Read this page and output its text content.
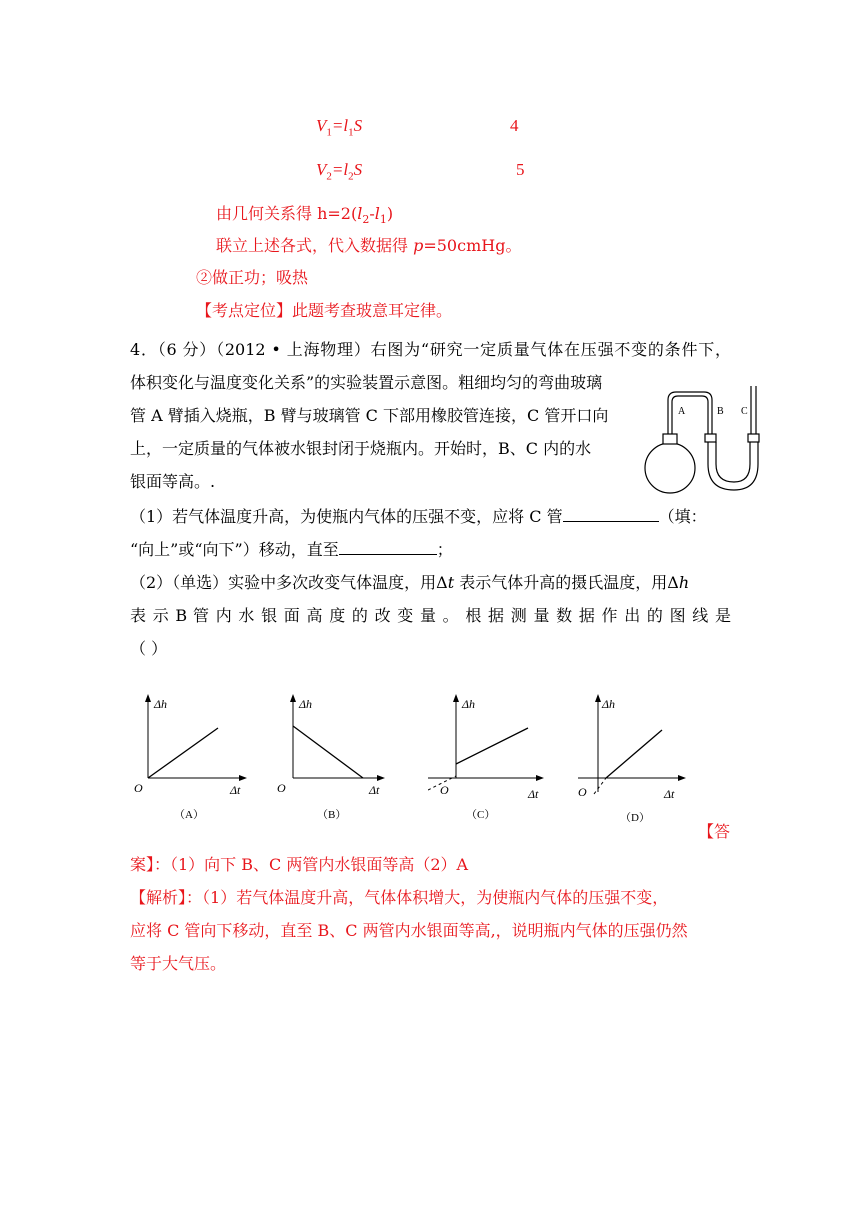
$V_1=l_1S$	4
$V_2=l_2S$	5
由几何关系得 $h=2(l_2-l_1)$
联立上述各式，代入数据得 p=50cmHg。
②做正功；吸热
【考点定位】此题考查玻意耳定律。
4．（6 分）（2012 • 上海物理）右图为“研究一定质量气体在压强不变的条件下，
体积变化与温度变化关系”的实验装置示意图。粗细均匀的弯曲玻璃
管 A 臂插入烧瓶，B 臂与玻璃管 C 下部用橡胶管连接，C 管开口向
上，一定质量的气体被水银封闭于烧瓶内。开始时，B、C 内的水
银面等高。.
A	B C
（1）若气体温度升高，为使瓶内气体的压强不变，应将 C 管	（填：
“向上”或“向下”）移动，直至	；
（2）（单选）实验中多次改变气体温度，用Δt 表示气体升高的摄氏温度，用Δh
表 示 B 管 内 水 银 面 高 度 的 改 变 量 。 根 据 测 量 数 据 作 出 的 图 线 是
（ ）
Δh
Δt
O
（A）
Δh
Δt
O
（B）
Δh
Δt
O
（C）
Δh
Δt
O
（D）
【答
案】：（1）向下 B、C 两管内水银面等高（2）A
【解析】：（1）若气体温度升高，气体体积增大，为使瓶内气体的压强不变，
应将 C 管向下移动，直至 B、C 两管内水银面等高,，说明瓶内气体的压强仍然
等于大气压。
